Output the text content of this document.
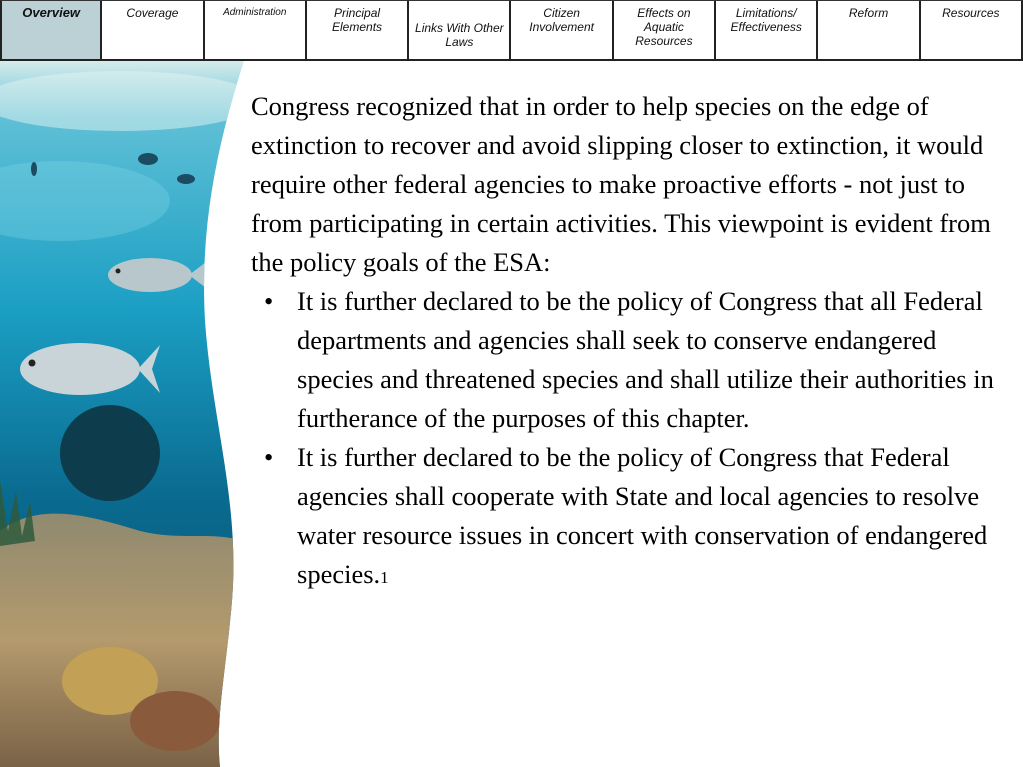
Overview	Coverage	Administration	Principal Elements	Links With Other Laws
Citizen Involvement
Effects on Aquatic Resources
Limitations/ Effectiveness
Reform	Resources

Congress recognized that in order to help species on the edge of extinction to recover and avoid slipping closer to extinction, it would require other federal agencies to make proactive efforts - not just to from participating in certain activities. This viewpoint is evident from the policy goals of the ESA:

• It is further declared to be the policy of Congress that all Federal departments and agencies shall seek to conserve endangered species and threatened species and shall utilize their authorities in furtherance of the purposes of this chapter.
• It is further declared to be the policy of Congress that Federal agencies shall cooperate with State and local agencies to resolve water resource issues in concert with conservation of endangered species.1
